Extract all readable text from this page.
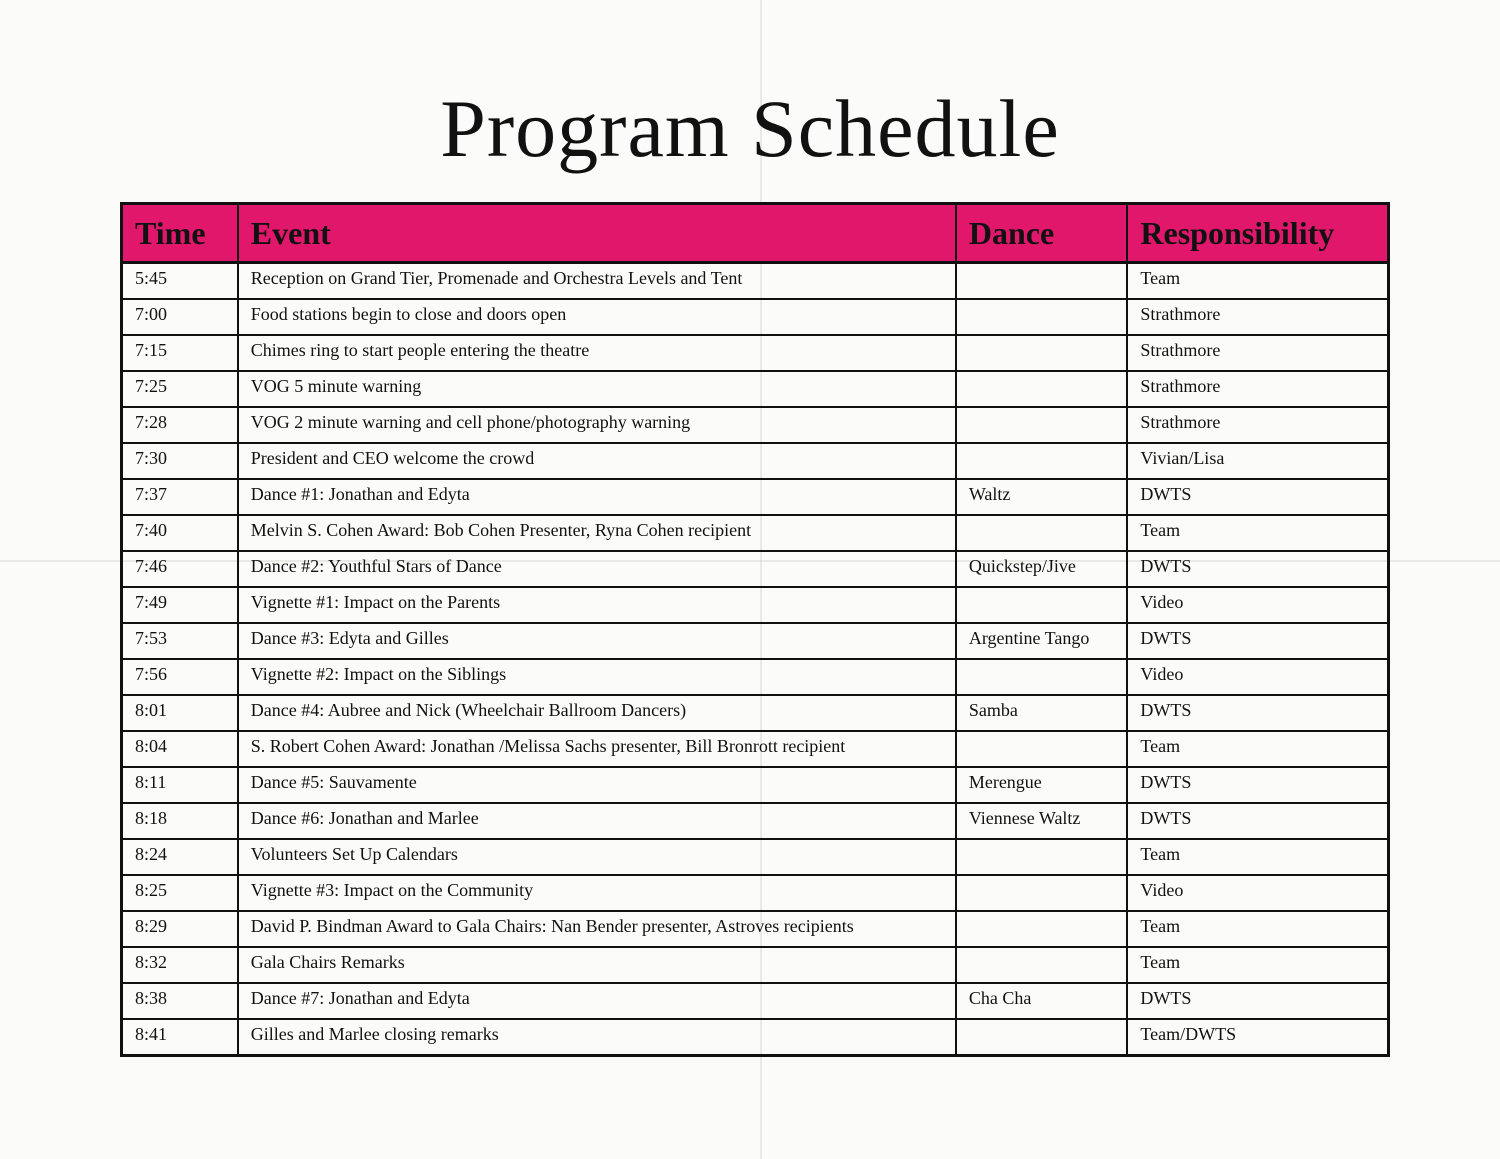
Program Schedule
Time	Event	Dance	Responsibility
5:45	Reception on Grand Tier, Promenade and Orchestra Levels and Tent		Team
7:00	Food stations begin to close and doors open		Strathmore
7:15	Chimes ring to start people entering the theatre		Strathmore
7:25	VOG 5 minute warning		Strathmore
7:28	VOG 2 minute warning and cell phone/photography warning		Strathmore
7:30	President and CEO welcome the crowd		Vivian/Lisa
7:37	Dance #1: Jonathan and Edyta	Waltz	DWTS
7:40	Melvin S. Cohen Award: Bob Cohen Presenter, Ryna Cohen recipient		Team
7:46	Dance #2: Youthful Stars of Dance	Quickstep/Jive	DWTS
7:49	Vignette #1: Impact on the Parents		Video
7:53	Dance #3: Edyta and Gilles	Argentine Tango	DWTS
7:56	Vignette #2: Impact on the Siblings		Video
8:01	Dance #4: Aubree and Nick (Wheelchair Ballroom Dancers)	Samba	DWTS
8:04	S. Robert Cohen Award: Jonathan /Melissa Sachs presenter, Bill Bronrott recipient		Team
8:11	Dance #5: Sauvamente	Merengue	DWTS
8:18	Dance #6: Jonathan and Marlee	Viennese Waltz	DWTS
8:24	Volunteers Set Up Calendars		Team
8:25	Vignette #3: Impact on the Community		Video
8:29	David P. Bindman Award to Gala Chairs: Nan Bender presenter, Astroves recipients		Team
8:32	Gala Chairs Remarks		Team
8:38	Dance #7: Jonathan and Edyta	Cha Cha	DWTS
8:41	Gilles and Marlee closing remarks		Team/DWTS
